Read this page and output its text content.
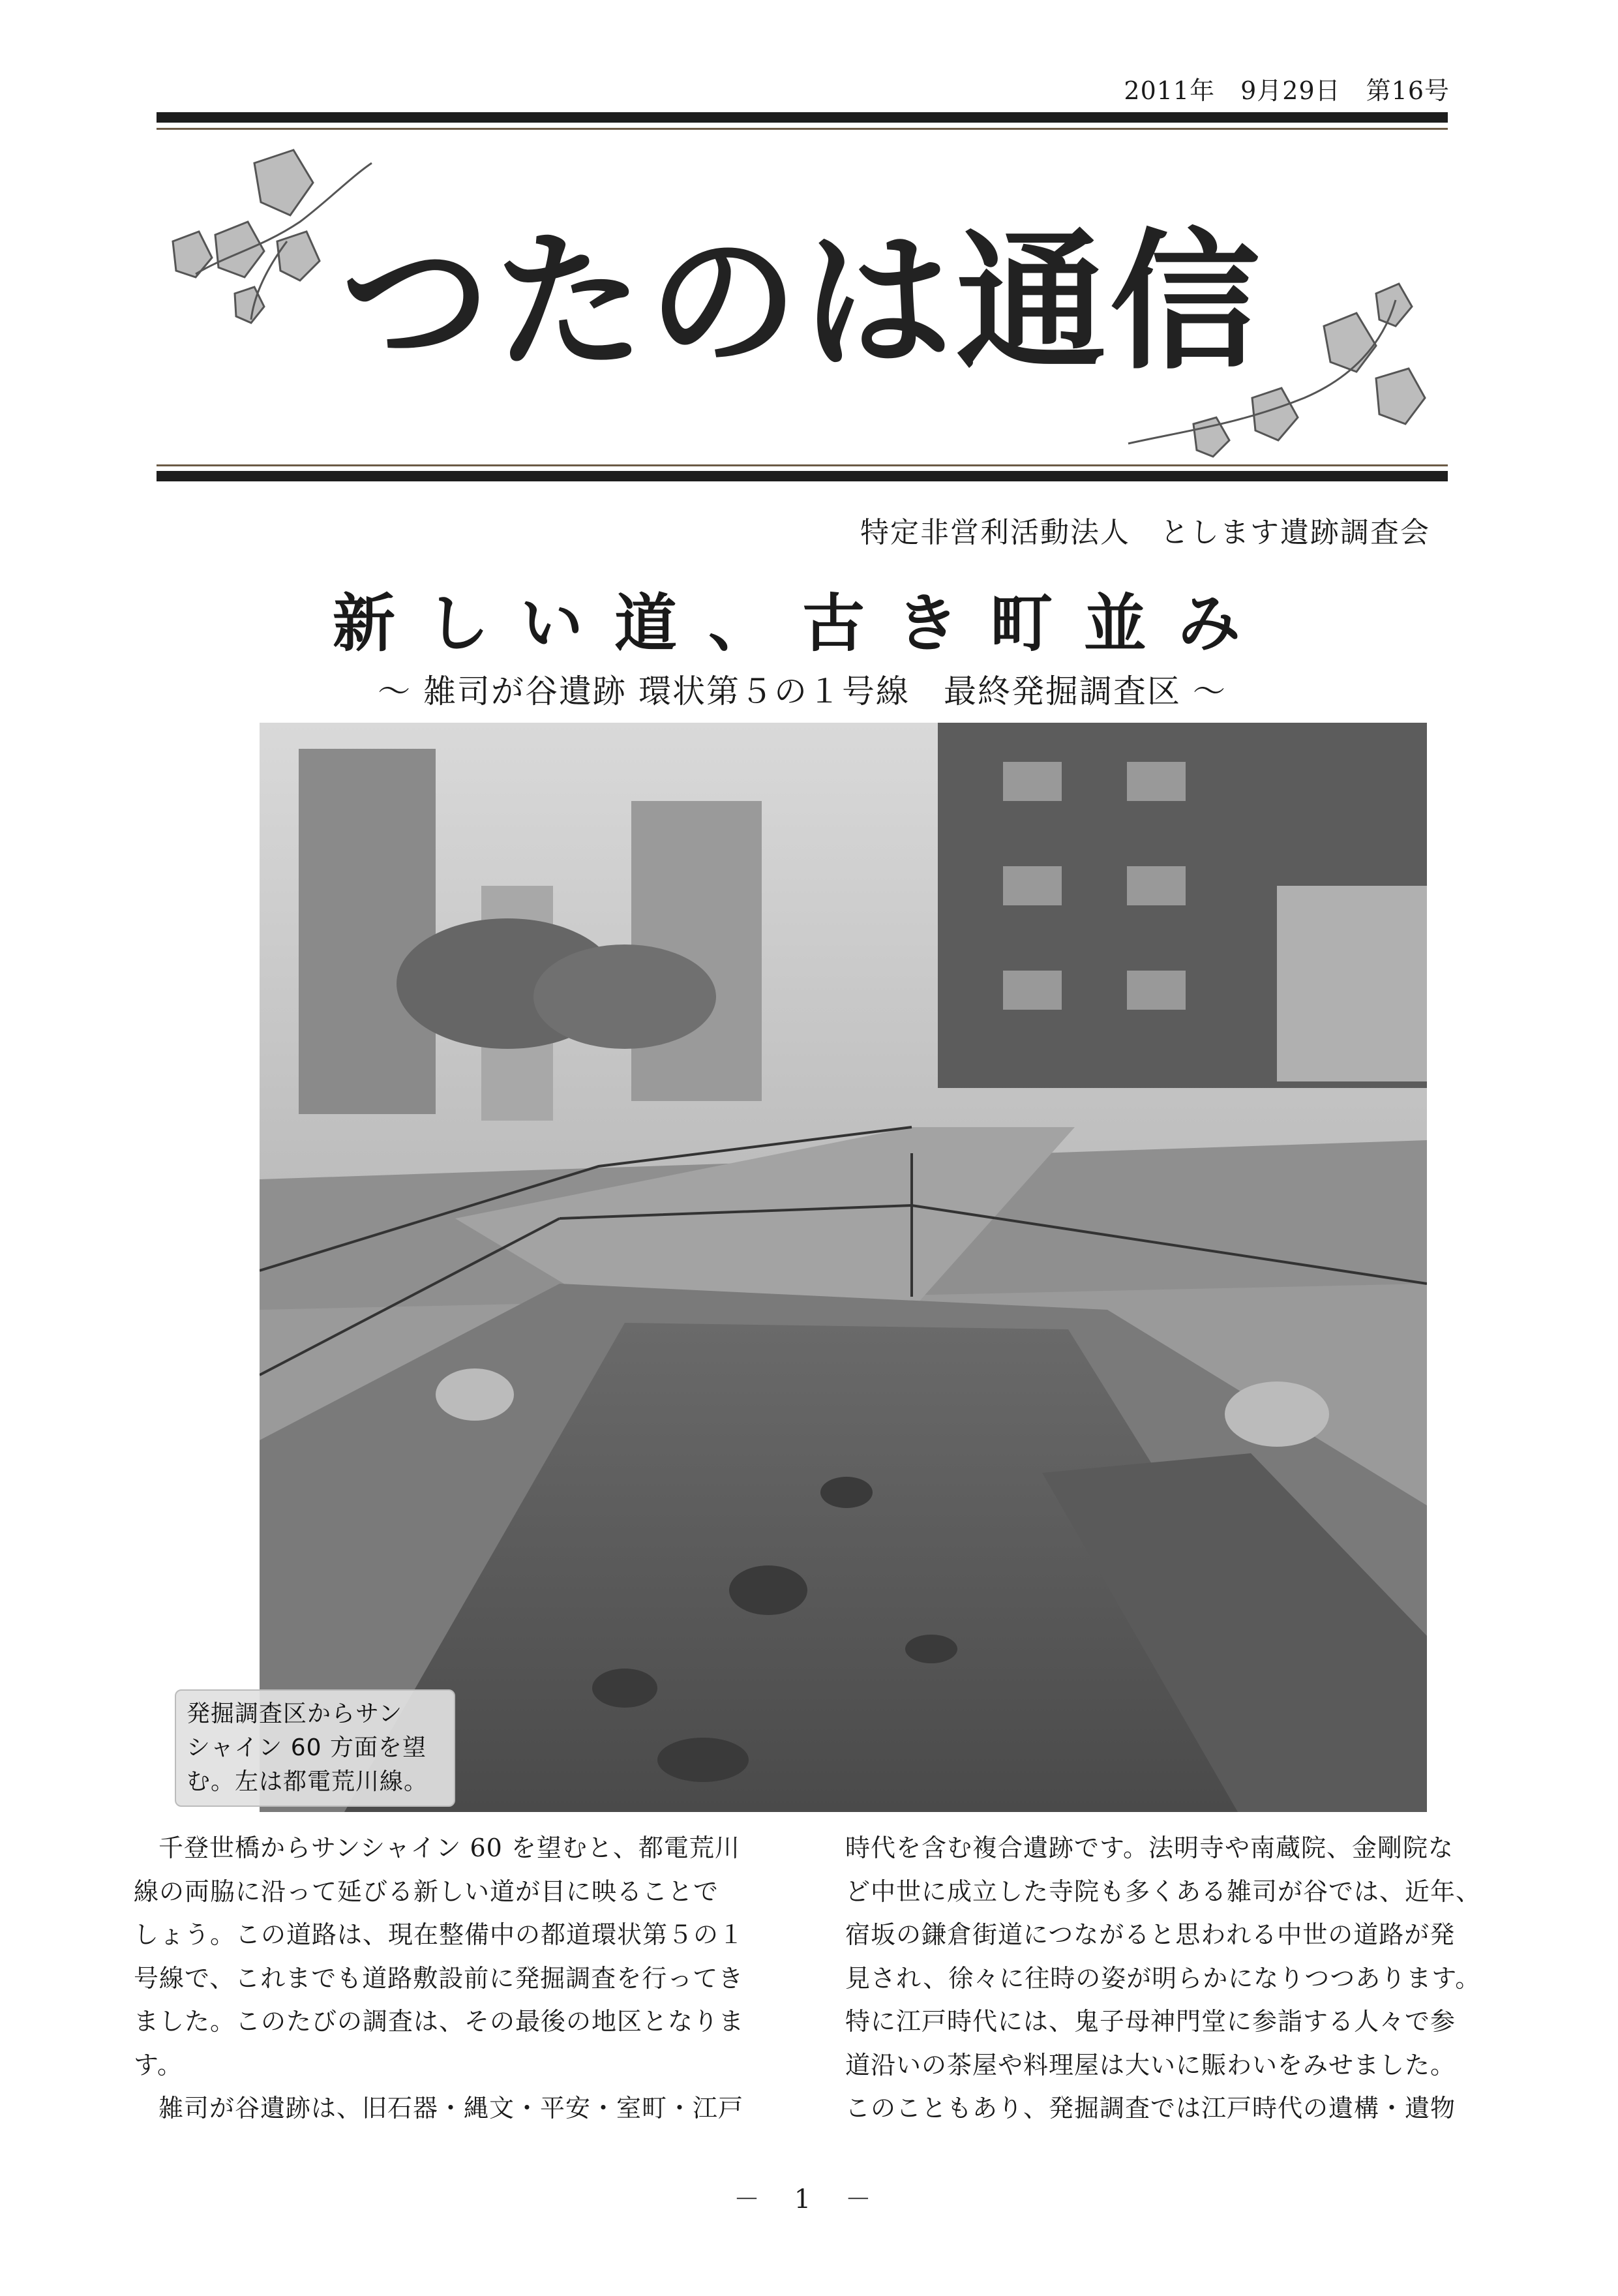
2011年　9月29日　第16号
つたのは通信
特定非営利活動法人　とします遺跡調査会
新しい道、古き町並み
～ 雑司が谷遺跡 環状第５の１号線　最終発掘調査区 ～
発掘調査区からサン
シャイン 60 方面を望
む。左は都電荒川線。
千登世橋からサンシャイン 60 を望むと、都電荒川
線の両脇に沿って延びる新しい道が目に映ることで
しょう。この道路は、現在整備中の都道環状第５の１
号線で、これまでも道路敷設前に発掘調査を行ってき
ました。このたびの調査は、その最後の地区となりま
す。
雑司が谷遺跡は、旧石器・縄文・平安・室町・江戸
時代を含む複合遺跡です。法明寺や南蔵院、金剛院な
ど中世に成立した寺院も多くある雑司が谷では、近年、
宿坂の鎌倉街道につながると思われる中世の道路が発
見され、徐々に往時の姿が明らかになりつつあります。
特に江戸時代には、鬼子母神門堂に参詣する人々で参
道沿いの茶屋や料理屋は大いに賑わいをみせました。
このこともあり、発掘調査では江戸時代の遺構・遺物
－ 1 －
